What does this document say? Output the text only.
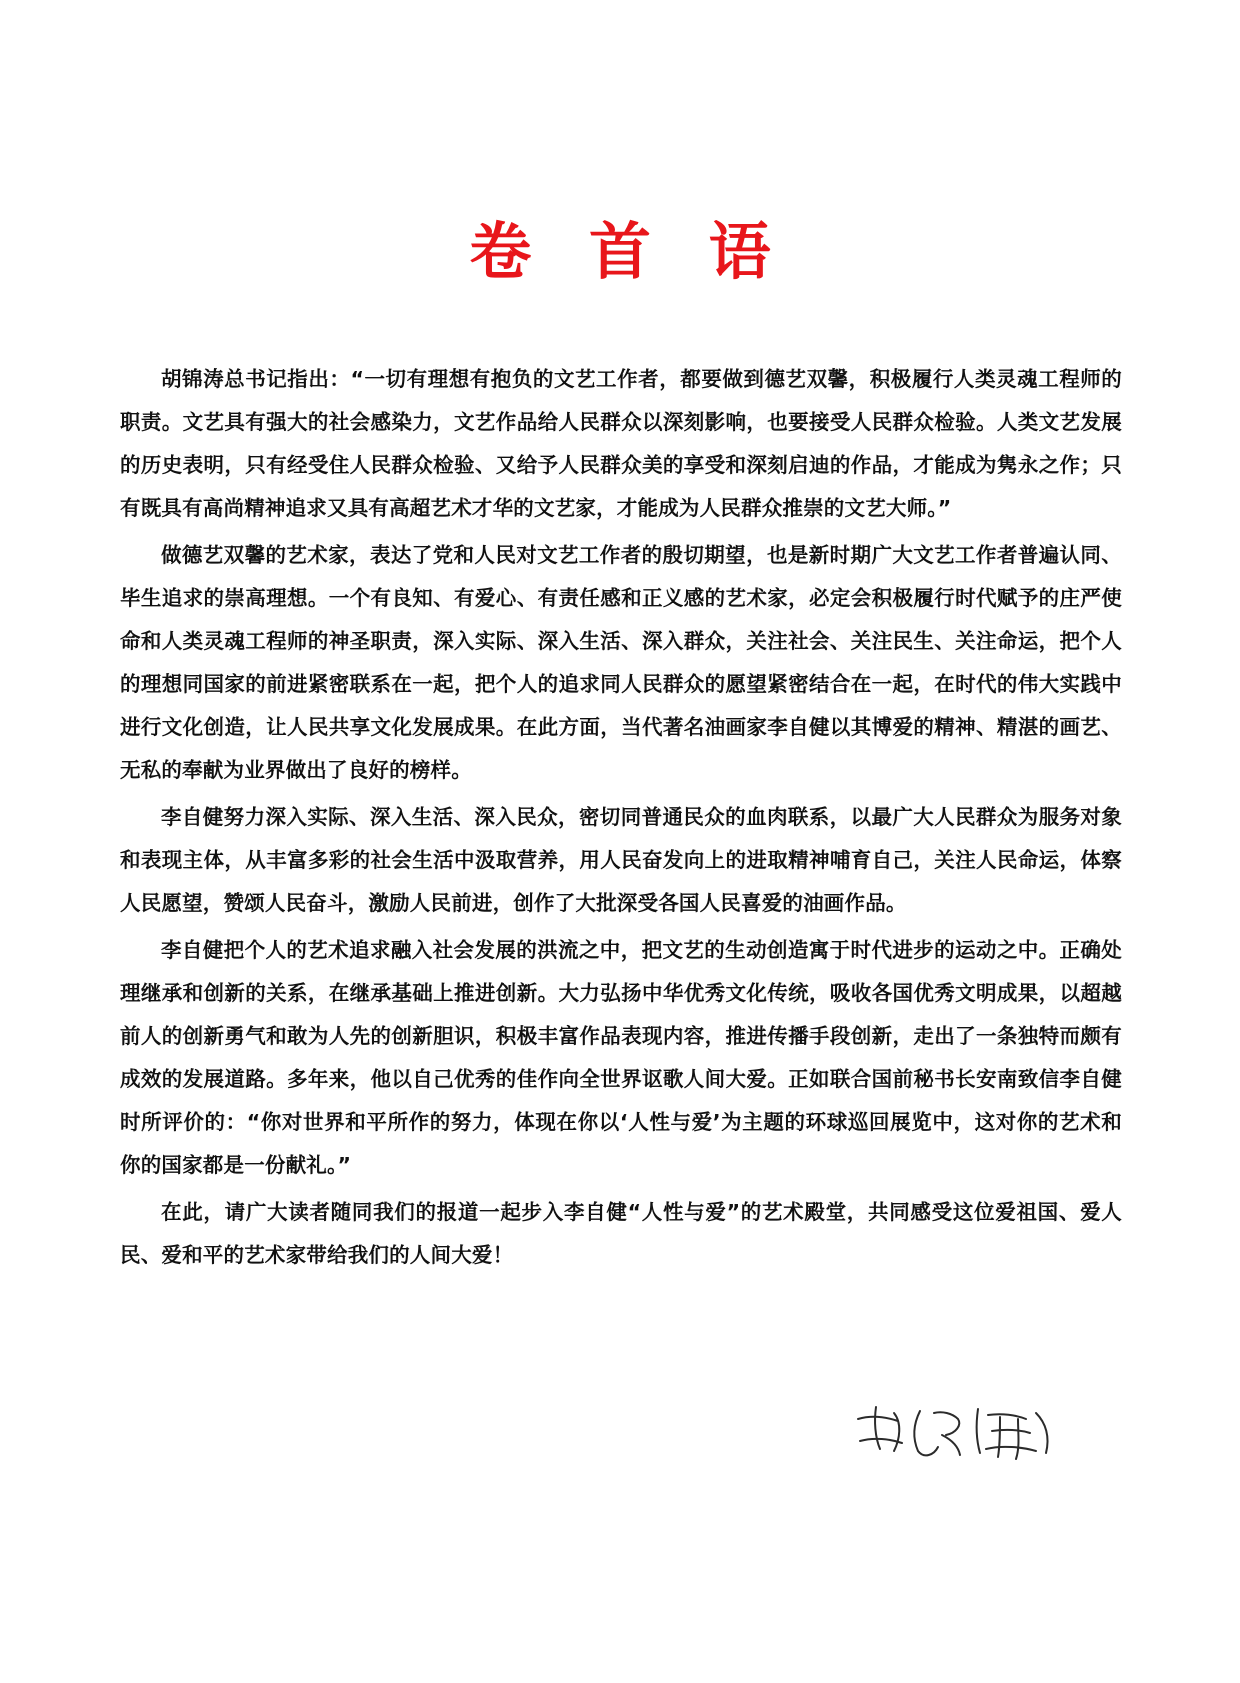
卷 首 语

胡锦涛总书记指出：“一切有理想有抱负的文艺工作者，都要做到德艺双馨，积极履行人类灵魂工程师的职责。文艺具有强大的社会感染力，文艺作品给人民群众以深刻影响，也要接受人民群众检验。人类文艺发展的历史表明，只有经受住人民群众检验、又给予人民群众美的享受和深刻启迪的作品，才能成为隽永之作；只有既具有高尚精神追求又具有高超艺术才华的文艺家，才能成为人民群众推崇的文艺大师。”

做德艺双馨的艺术家，表达了党和人民对文艺工作者的殷切期望，也是新时期广大文艺工作者普遍认同、毕生追求的崇高理想。一个有良知、有爱心、有责任感和正义感的艺术家，必定会积极履行时代赋予的庄严使命和人类灵魂工程师的神圣职责，深入实际、深入生活、深入群众，关注社会、关注民生、关注命运，把个人的理想同国家的前进紧密联系在一起，把个人的追求同人民群众的愿望紧密结合在一起，在时代的伟大实践中进行文化创造，让人民共享文化发展成果。在此方面，当代著名油画家李自健以其博爱的精神、精湛的画艺、无私的奉献为业界做出了良好的榜样。

李自健努力深入实际、深入生活、深入民众，密切同普通民众的血肉联系，以最广大人民群众为服务对象和表现主体，从丰富多彩的社会生活中汲取营养，用人民奋发向上的进取精神哺育自己，关注人民命运，体察人民愿望，赞颂人民奋斗，激励人民前进，创作了大批深受各国人民喜爱的油画作品。

李自健把个人的艺术追求融入社会发展的洪流之中，把文艺的生动创造寓于时代进步的运动之中。正确处理继承和创新的关系，在继承基础上推进创新。大力弘扬中华优秀文化传统，吸收各国优秀文明成果，以超越前人的创新勇气和敢为人先的创新胆识，积极丰富作品表现内容，推进传播手段创新，走出了一条独特而颇有成效的发展道路。多年来，他以自己优秀的佳作向全世界讴歌人间大爱。正如联合国前秘书长安南致信李自健时所评价的：“你对世界和平所作的努力，体现在你以‘人性与爱’为主题的环球巡回展览中，这对你的艺术和你的国家都是一份献礼。”

在此，请广大读者随同我们的报道一起步入李自健“人性与爱”的艺术殿堂，共同感受这位爱祖国、爱人民、爱和平的艺术家带给我们的人间大爱！
